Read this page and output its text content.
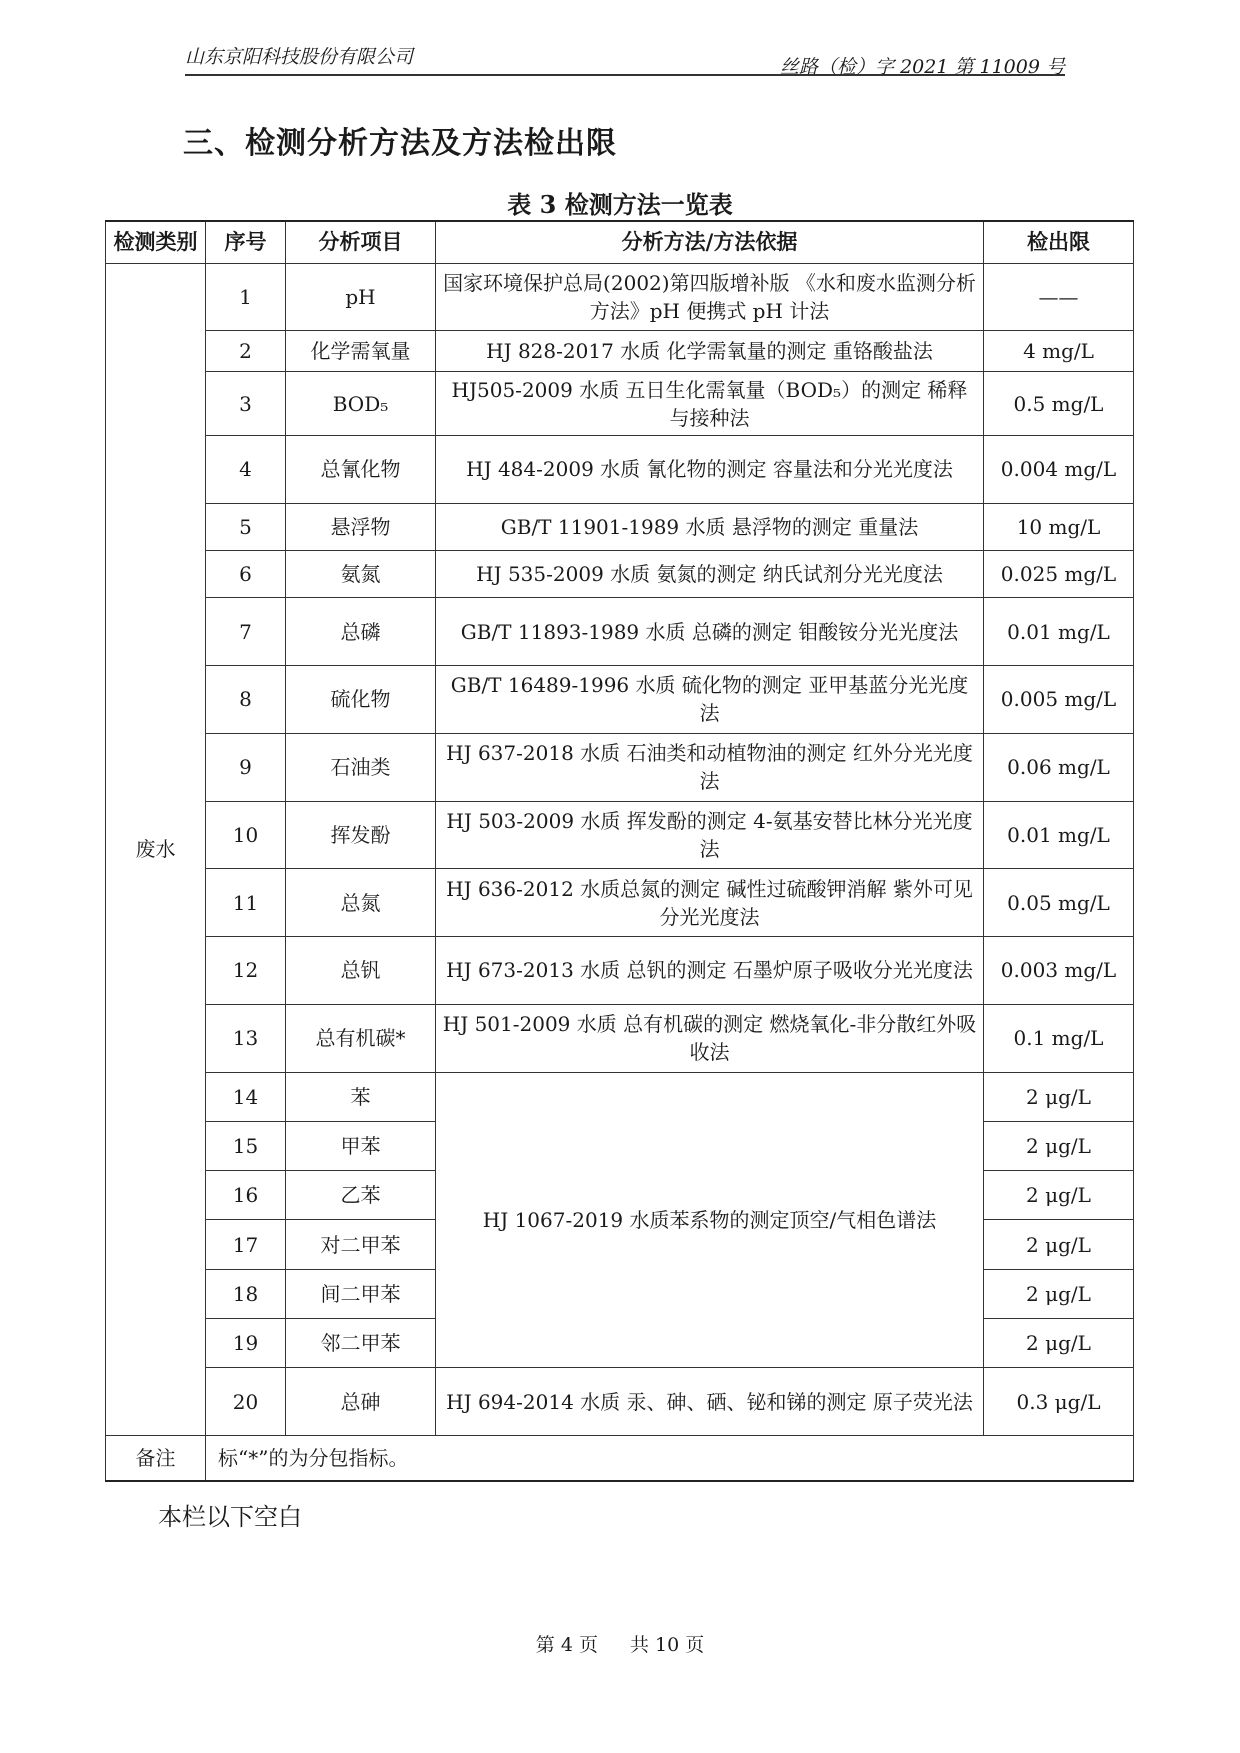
山东京阳科技股份有限公司	丝路（检）字 2021 第 11009 号
三、检测分析方法及方法检出限
表 3 检测方法一览表
检测类别	序号	分析项目	分析方法/方法依据	检出限
废水	1	pH	国家环境保护总局(2002)第四版增补版 《水和废水监测分析方法》pH 便携式 pH 计法	——
	2	化学需氧量	HJ 828-2017 水质 化学需氧量的测定 重铬酸盐法	4 mg/L
	3	BOD₅	HJ505-2009 水质 五日生化需氧量（BOD₅）的测定 稀释与接种法	0.5 mg/L
	4	总氰化物	HJ 484-2009 水质 氰化物的测定 容量法和分光光度法	0.004 mg/L
	5	悬浮物	GB/T 11901-1989 水质 悬浮物的测定 重量法	10 mg/L
	6	氨氮	HJ 535-2009 水质 氨氮的测定 纳氏试剂分光光度法	0.025 mg/L
	7	总磷	GB/T 11893-1989 水质 总磷的测定 钼酸铵分光光度法	0.01 mg/L
	8	硫化物	GB/T 16489-1996 水质 硫化物的测定 亚甲基蓝分光光度法	0.005 mg/L
	9	石油类	HJ 637-2018 水质 石油类和动植物油的测定 红外分光光度法	0.06 mg/L
	10	挥发酚	HJ 503-2009 水质 挥发酚的测定 4-氨基安替比林分光光度法	0.01 mg/L
	11	总氮	HJ 636-2012 水质总氮的测定 碱性过硫酸钾消解 紫外可见分光光度法	0.05 mg/L
	12	总钒	HJ 673-2013 水质 总钒的测定 石墨炉原子吸收分光光度法	0.003 mg/L
	13	总有机碳*	HJ 501-2009 水质 总有机碳的测定 燃烧氧化-非分散红外吸收法	0.1 mg/L
	14	苯	HJ 1067-2019 水质苯系物的测定顶空/气相色谱法	2 μg/L
	15	甲苯		2 μg/L
	16	乙苯		2 μg/L
	17	对二甲苯		2 μg/L
	18	间二甲苯		2 μg/L
	19	邻二甲苯		2 μg/L
	20	总砷	HJ 694-2014 水质 汞、砷、硒、铋和锑的测定 原子荧光法	0.3 μg/L
备注	标“*”的为分包指标。			
本栏以下空白
第 4 页 共 10 页
